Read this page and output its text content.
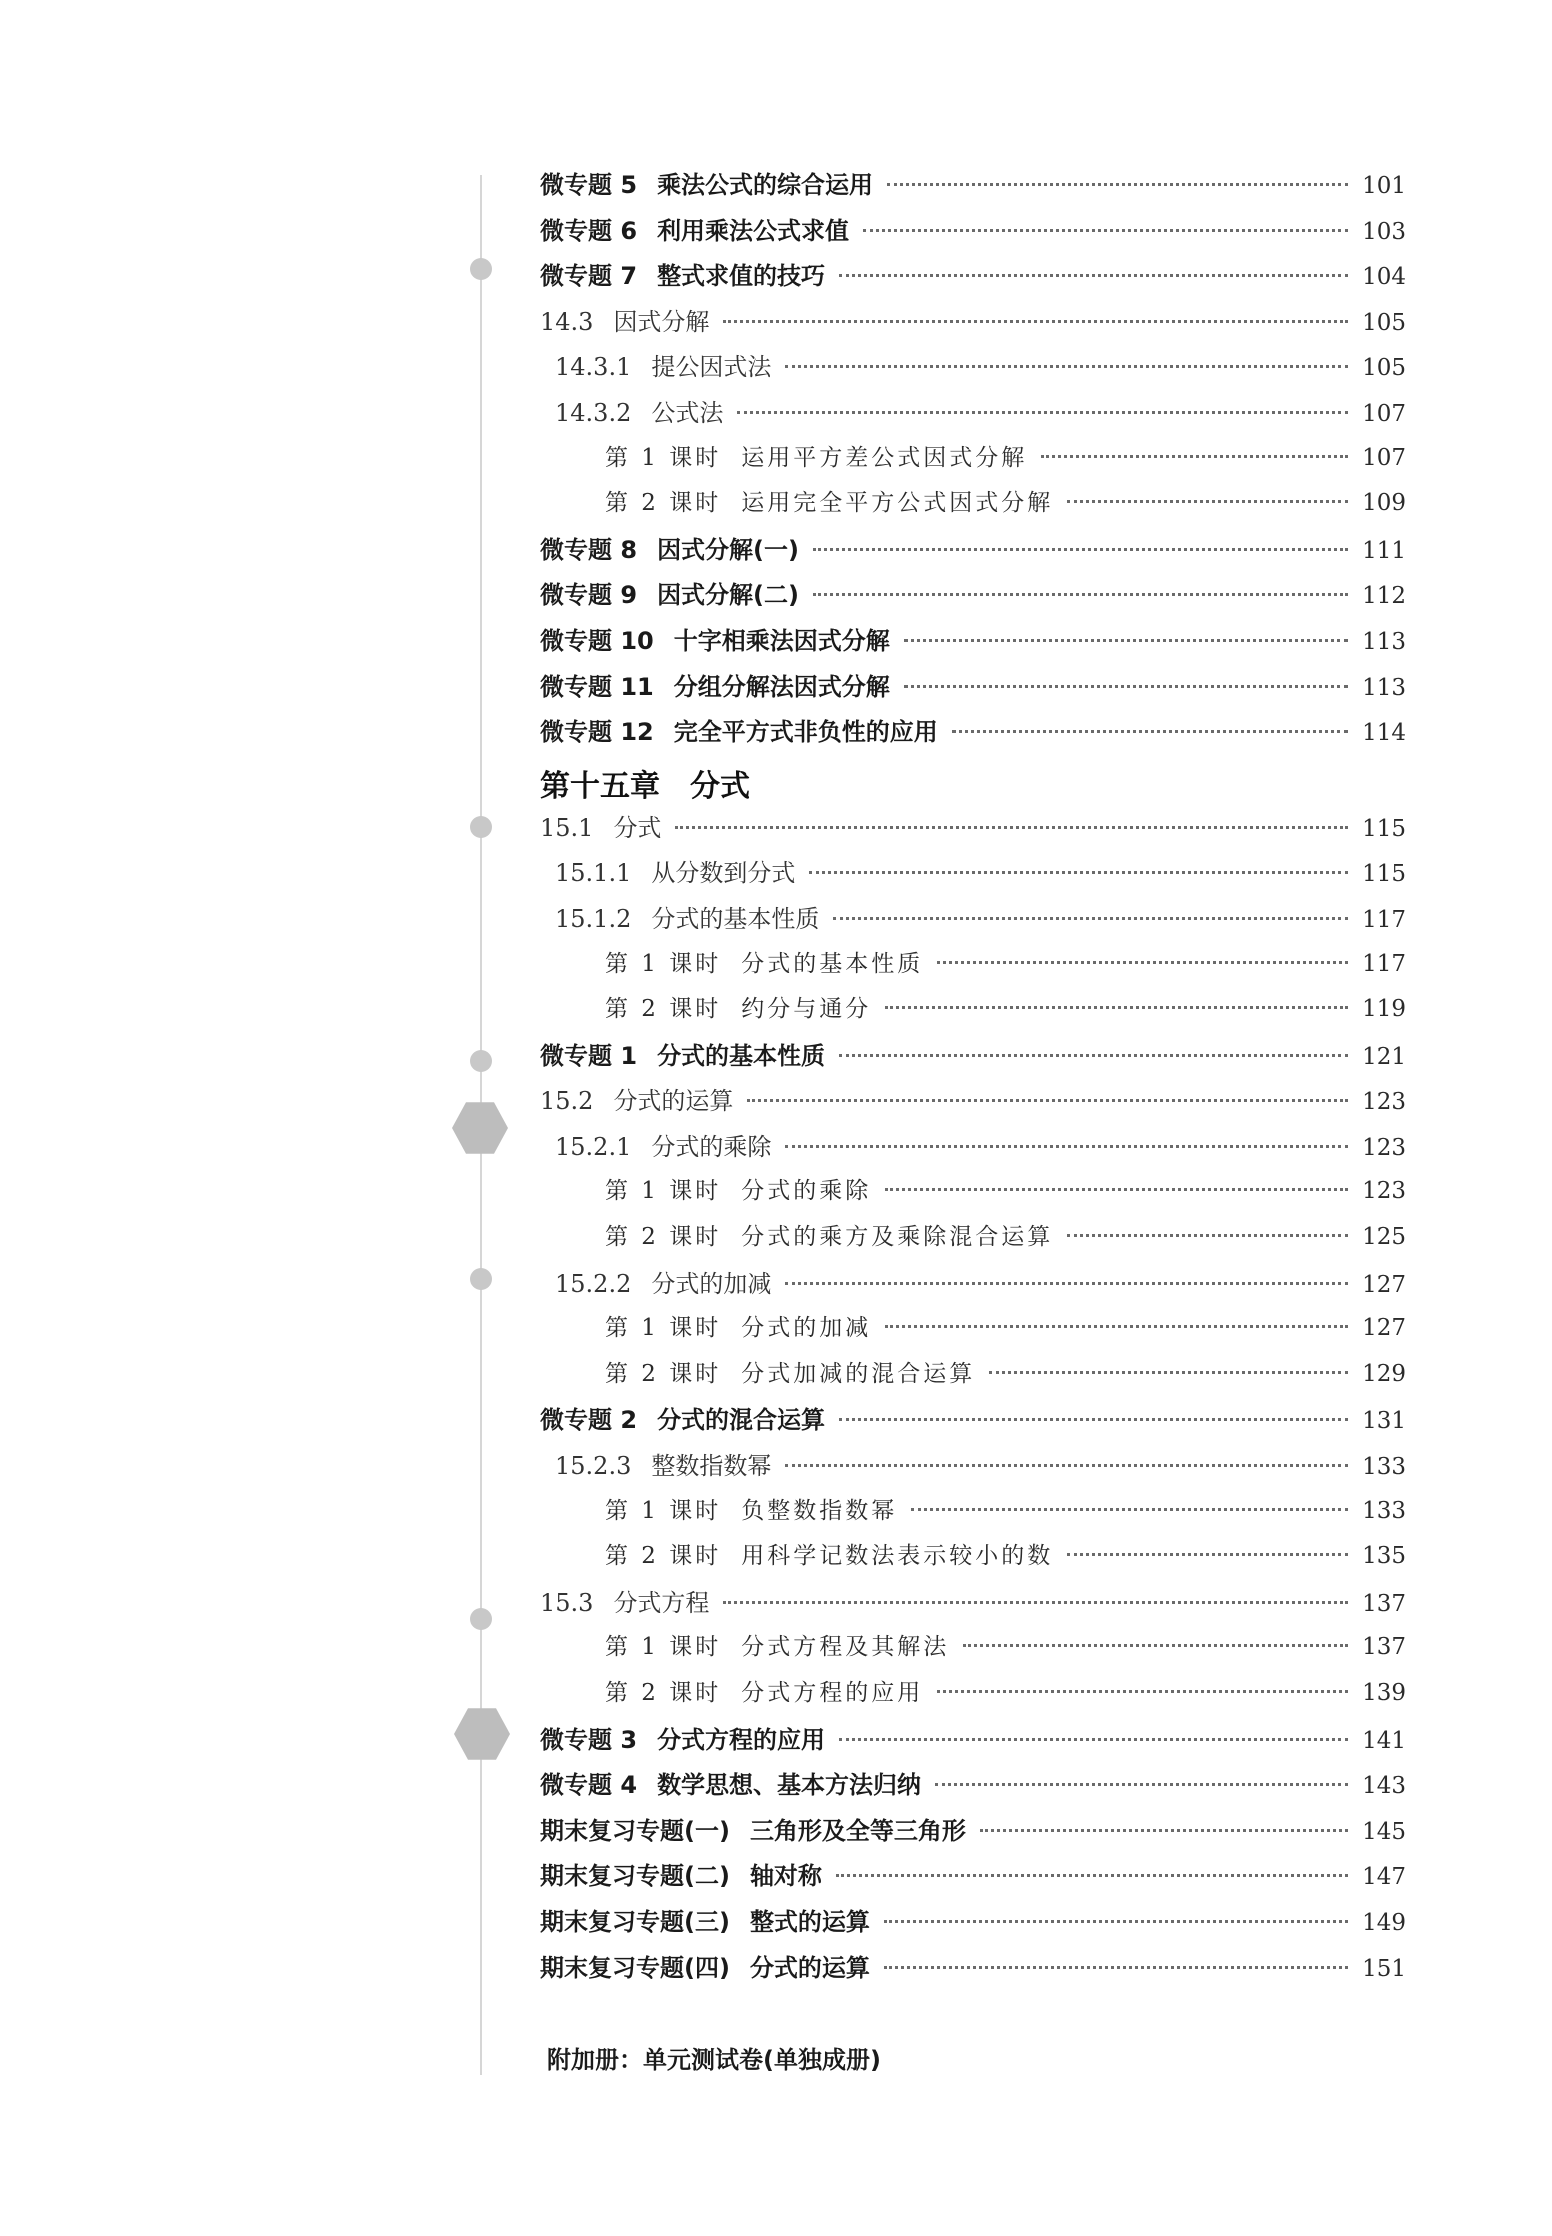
微专题 5 乘法公式的综合运用	101
微专题 6 利用乘法公式求值	103
微专题 7 整式求值的技巧	104
14.3 因式分解	105
14.3.1 提公因式法	105
14.3.2 公式法	107
第 1 课时 运用平方差公式因式分解	107
第 2 课时 运用完全平方公式因式分解	109
微专题 8 因式分解(一)	111
微专题 9 因式分解(二)	112
微专题 10 十字相乘法因式分解	113
微专题 11 分组分解法因式分解	113
微专题 12 完全平方式非负性的应用	114
第十五章 分式
15.1 分式	115
15.1.1 从分数到分式	115
15.1.2 分式的基本性质	117
第 1 课时 分式的基本性质	117
第 2 课时 约分与通分	119
微专题 1 分式的基本性质	121
15.2 分式的运算	123
15.2.1 分式的乘除	123
第 1 课时 分式的乘除	123
第 2 课时 分式的乘方及乘除混合运算	125
15.2.2 分式的加减	127
第 1 课时 分式的加减	127
第 2 课时 分式加减的混合运算	129
微专题 2 分式的混合运算	131
15.2.3 整数指数幂	133
第 1 课时 负整数指数幂	133
第 2 课时 用科学记数法表示较小的数	135
15.3 分式方程	137
第 1 课时 分式方程及其解法	137
第 2 课时 分式方程的应用	139
微专题 3 分式方程的应用	141
微专题 4 数学思想、基本方法归纳	143
期末复习专题(一) 三角形及全等三角形	145
期末复习专题(二) 轴对称	147
期末复习专题(三) 整式的运算	149
期末复习专题(四) 分式的运算	151
附加册：单元测试卷(单独成册)
